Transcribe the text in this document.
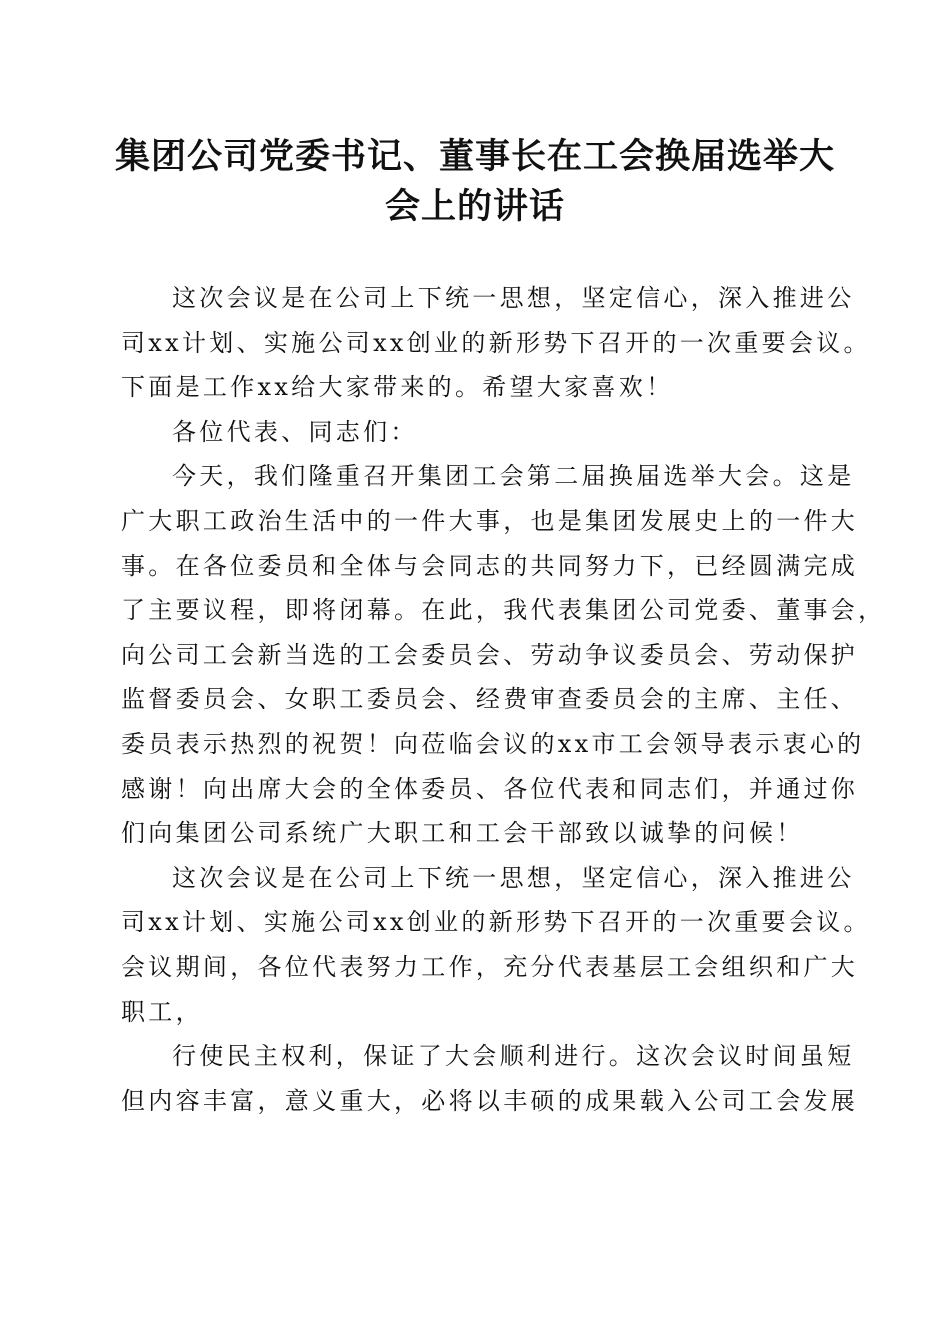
集团公司党委书记、董事长在工会换届选举大
会上的讲话
这次会议是在公司上下统一思想，坚定信心，深入推进公
司xx计划、实施公司xx创业的新形势下召开的一次重要会议。
下面是工作xx给大家带来的。希望大家喜欢！
各位代表、同志们：
今天，我们隆重召开集团工会第二届换届选举大会。这是
广大职工政治生活中的一件大事，也是集团发展史上的一件大
事。在各位委员和全体与会同志的共同努力下，已经圆满完成
了主要议程，即将闭幕。在此，我代表集团公司党委、董事会，
向公司工会新当选的工会委员会、劳动争议委员会、劳动保护
监督委员会、女职工委员会、经费审查委员会的主席、主任、
委员表示热烈的祝贺！向莅临会议的xx市工会领导表示衷心的
感谢！向出席大会的全体委员、各位代表和同志们，并通过你
们向集团公司系统广大职工和工会干部致以诚挚的问候！
这次会议是在公司上下统一思想，坚定信心，深入推进公
司xx计划、实施公司xx创业的新形势下召开的一次重要会议。
会议期间，各位代表努力工作，充分代表基层工会组织和广大
职工，
行使民主权利，保证了大会顺利进行。这次会议时间虽短
但内容丰富，意义重大，必将以丰硕的成果载入公司工会发展
